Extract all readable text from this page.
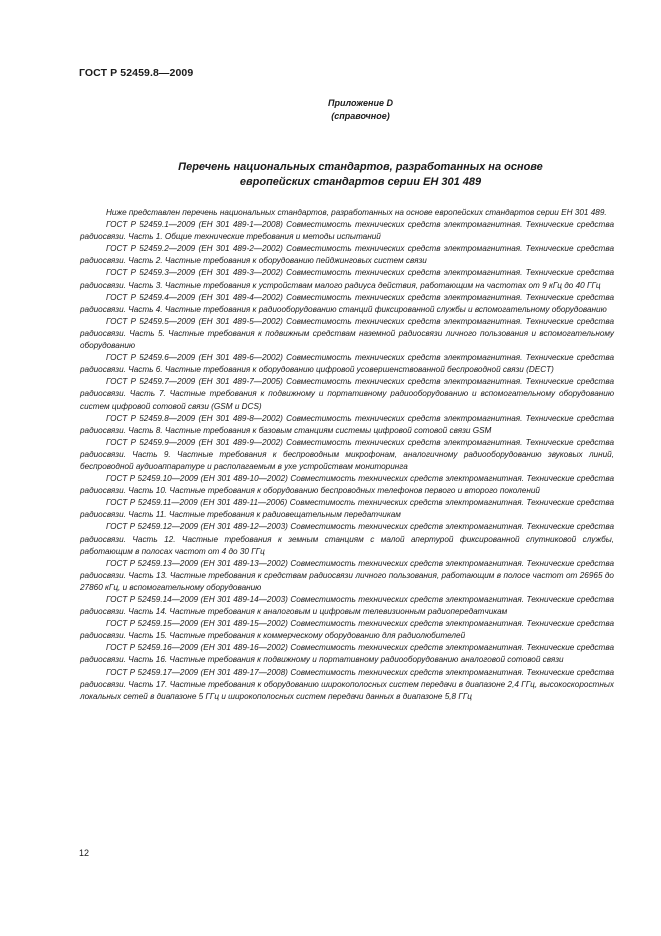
ГОСТ Р 52459.8—2009
Приложение D
(справочное)
Перечень национальных стандартов, разработанных на основе
европейских стандартов серии ЕН 301 489

Ниже представлен перечень национальных стандартов, разработанных на основе европейских стандартов серии ЕН 301 489.

ГОСТ Р 52459.1—2009 (ЕН 301 489-1—2008) Совместимость технических средств электромагнитная. Технические средства радиосвязи. Часть 1. Общие технические требования и методы испытаний

ГОСТ Р 52459.2—2009 (ЕН 301 489-2—2002) Совместимость технических средств электромагнитная. Технические средства радиосвязи. Часть 2. Частные требования к оборудованию пейджинговых систем связи

ГОСТ Р 52459.3—2009 (ЕН 301 489-3—2002) Совместимость технических средств электромагнитная. Технические средства радиосвязи. Часть 3. Частные требования к устройствам малого радиуса действия, работающим на частотах от 9 кГц до 40 ГГц

ГОСТ Р 52459.4—2009 (ЕН 301 489-4—2002) Совместимость технических средств электромагнитная. Технические средства радиосвязи. Часть 4. Частные требования к радиооборудованию станций фиксированной службы и вспомогательному оборудованию

ГОСТ Р 52459.5—2009 (ЕН 301 489-5—2002) Совместимость технических средств электромагнитная. Технические средства радиосвязи. Часть 5. Частные требования к подвижным средствам наземной радиосвязи личного пользования и вспомогательному оборудованию

ГОСТ Р 52459.6—2009 (ЕН 301 489-6—2002) Совместимость технических средств электромагнитная. Технические средства радиосвязи. Часть 6. Частные требования к оборудованию цифровой усовершенствованной беспроводной связи (DECT)

ГОСТ Р 52459.7—2009 (ЕН 301 489-7—2005) Совместимость технических средств электромагнитная. Технические средства радиосвязи. Часть 7. Частные требования к подвижному и портативному радиооборудованию и вспомогательному оборудованию систем цифровой сотовой связи (GSM и DCS)

ГОСТ Р 52459.8—2009 (ЕН 301 489-8—2002) Совместимость технических средств электромагнитная. Технические средства радиосвязи. Часть 8. Частные требования к базовым станциям системы цифровой сотовой связи GSM

ГОСТ Р 52459.9—2009 (ЕН 301 489-9—2002) Совместимость технических средств электромагнитная. Технические средства радиосвязи. Часть 9. Частные требования к беспроводным микрофонам, аналогичному радиооборудованию звуковых линий, беспроводной аудиоаппаратуре и располагаемым в ухе устройствам мониторинга

ГОСТ Р 52459.10—2009 (ЕН 301 489-10—2002) Совместимость технических средств электромагнитная. Технические средства радиосвязи. Часть 10. Частные требования к оборудованию беспроводных телефонов первого и второго поколений

ГОСТ Р 52459.11—2009 (ЕН 301 489-11—2006) Совместимость технических средств электромагнитная. Технические средства радиосвязи. Часть 11. Частные требования к радиовещательным передатчикам

ГОСТ Р 52459.12—2009 (ЕН 301 489-12—2003) Совместимость технических средств электромагнитная. Технические средства радиосвязи. Часть 12. Частные требования к земным станциям с малой апертурой фиксированной спутниковой службы, работающим в полосах частот от 4 до 30 ГГц

ГОСТ Р 52459.13—2009 (ЕН 301 489-13—2002) Совместимость технических средств электромагнитная. Технические средства радиосвязи. Часть 13. Частные требования к средствам радиосвязи личного пользования, работающим в полосе частот от 26965 до 27860 кГц, и вспомогательному оборудованию

ГОСТ Р 52459.14—2009 (ЕН 301 489-14—2003) Совместимость технических средств электромагнитная. Технические средства радиосвязи. Часть 14. Частные требования к аналоговым и цифровым телевизионным радиопередатчикам

ГОСТ Р 52459.15—2009 (ЕН 301 489-15—2002) Совместимость технических средств электромагнитная. Технические средства радиосвязи. Часть 15. Частные требования к коммерческому оборудованию для радиолюбителей

ГОСТ Р 52459.16—2009 (ЕН 301 489-16—2002) Совместимость технических средств электромагнитная. Технические средства радиосвязи. Часть 16. Частные требования к подвижному и портативному радиооборудованию аналоговой сотовой связи

ГОСТ Р 52459.17—2009 (ЕН 301 489-17—2008) Совместимость технических средств электромагнитная. Технические средства радиосвязи. Часть 17. Частные требования к оборудованию широкополосных систем передачи в диапазоне 2,4 ГГц, высокоскоростных локальных сетей в диапазоне 5 ГГц и широкополосных систем передачи данных в диапазоне 5,8 ГГц

12
